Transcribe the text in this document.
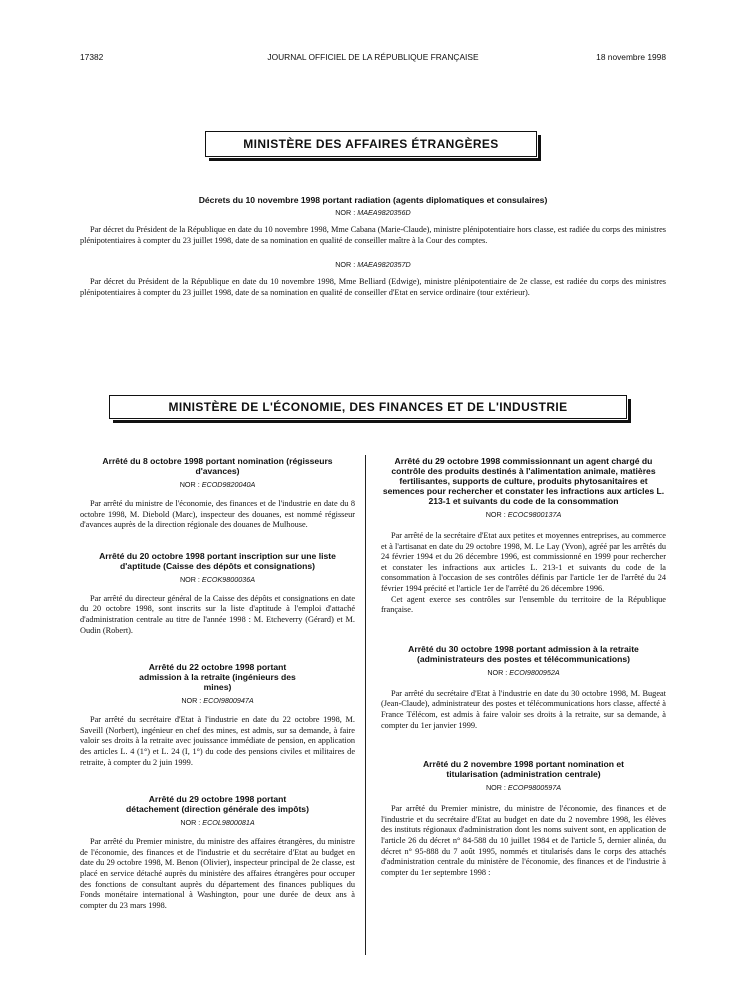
17382	JOURNAL OFFICIEL DE LA RÉPUBLIQUE FRANÇAISE	18 novembre 1998
MINISTÈRE DES AFFAIRES ÉTRANGÈRES
Décrets du 10 novembre 1998 portant radiation (agents diplomatiques et consulaires)
NOR : MAEA9820356D

Par décret du Président de la République en date du 10 novembre 1998, Mme Cabana (Marie-Claude), ministre plénipotentiaire hors classe, est radiée du corps des ministres plénipotentiaires à compter du 23 juillet 1998, date de sa nomination en qualité de conseiller maître à la Cour des comptes.

NOR : MAEA9820357D

Par décret du Président de la République en date du 10 novembre 1998, Mme Belliard (Edwige), ministre plénipotentiaire de 2e classe, est radiée du corps des ministres plénipotentiaires à compter du 23 juillet 1998, date de sa nomination en qualité de conseiller d'Etat en service ordinaire (tour extérieur).

MINISTÈRE DE L'ÉCONOMIE, DES FINANCES ET DE L'INDUSTRIE
Arrêté du 8 octobre 1998 portant nomination (régisseurs d'avances)
NOR : ECOD9820040A

Par arrêté du ministre de l'économie, des finances et de l'industrie en date du 8 octobre 1998, M. Diebold (Marc), inspecteur des douanes, est nommé régisseur d'avances auprès de la direction régionale des douanes de Mulhouse.

Arrêté du 20 octobre 1998 portant inscription sur une liste d'aptitude (Caisse des dépôts et consignations)
NOR : ECOK9800036A

Par arrêté du directeur général de la Caisse des dépôts et consignations en date du 20 octobre 1998, sont inscrits sur la liste d'aptitude à l'emploi d'attaché d'administration centrale au titre de l'année 1998 : M. Etcheverry (Gérard) et M. Oudin (Robert).

Arrêté du 22 octobre 1998 portant admission à la retraite (ingénieurs des mines)
NOR : ECOI9800947A

Par arrêté du secrétaire d'Etat à l'industrie en date du 22 octobre 1998, M. Saveill (Norbert), ingénieur en chef des mines, est admis, sur sa demande, à faire valoir ses droits à la retraite avec jouissance immédiate de pension, en application des articles L. 4 (1°) et L. 24 (I, 1°) du code des pensions civiles et militaires de retraite, à compter du 2 juin 1999.

Arrêté du 29 octobre 1998 portant détachement (direction générale des impôts)
NOR : ECOL9800081A

Par arrêté du Premier ministre, du ministre des affaires étrangères, du ministre de l'économie, des finances et de l'industrie et du secrétaire d'Etat au budget en date du 29 octobre 1998, M. Benon (Olivier), inspecteur principal de 2e classe, est placé en service détaché auprès du ministère des affaires étrangères pour occuper des fonctions de consultant auprès du département des finances publiques du Fonds monétaire international à Washington, pour une durée de deux ans à compter du 23 mars 1998.

Arrêté du 29 octobre 1998 commissionnant un agent chargé du contrôle des produits destinés à l'alimentation animale, matières fertilisantes, supports de culture, produits phytosanitaires et semences pour rechercher et constater les infractions aux articles L. 213-1 et suivants du code de la consommation
NOR : ECOC9800137A

Par arrêté de la secrétaire d'Etat aux petites et moyennes entreprises, au commerce et à l'artisanat en date du 29 octobre 1998, M. Le Lay (Yvon), agréé par les arrêtés du 24 février 1994 et du 26 décembre 1996, est commissionné en 1999 pour rechercher et constater les infractions aux articles L. 213-1 et suivants du code de la consommation à l'occasion de ses contrôles définis par l'article 1er de l'arrêté du 24 février 1994 précité et l'article 1er de l'arrêté du 26 décembre 1996.

Cet agent exerce ses contrôles sur l'ensemble du territoire de la République française.

Arrêté du 30 octobre 1998 portant admission à la retraite (administrateurs des postes et télécommunications)
NOR : ECOI9800952A

Par arrêté du secrétaire d'Etat à l'industrie en date du 30 octobre 1998, M. Bugeat (Jean-Claude), administrateur des postes et télécommunications hors classe, affecté à France Télécom, est admis à faire valoir ses droits à la retraite, sur sa demande, à compter du 1er janvier 1999.

Arrêté du 2 novembre 1998 portant nomination et titularisation (administration centrale)
NOR : ECOP9800597A

Par arrêté du Premier ministre, du ministre de l'économie, des finances et de l'industrie et du secrétaire d'Etat au budget en date du 2 novembre 1998, les élèves des instituts régionaux d'administration dont les noms suivent sont, en application de l'article 26 du décret n° 84-588 du 10 juillet 1984 et de l'article 5, dernier alinéa, du décret n° 95-888 du 7 août 1995, nommés et titularisés dans le corps des attachés d'administration centrale du ministère de l'économie, des finances et de l'industrie à compter du 1er septembre 1998 :
